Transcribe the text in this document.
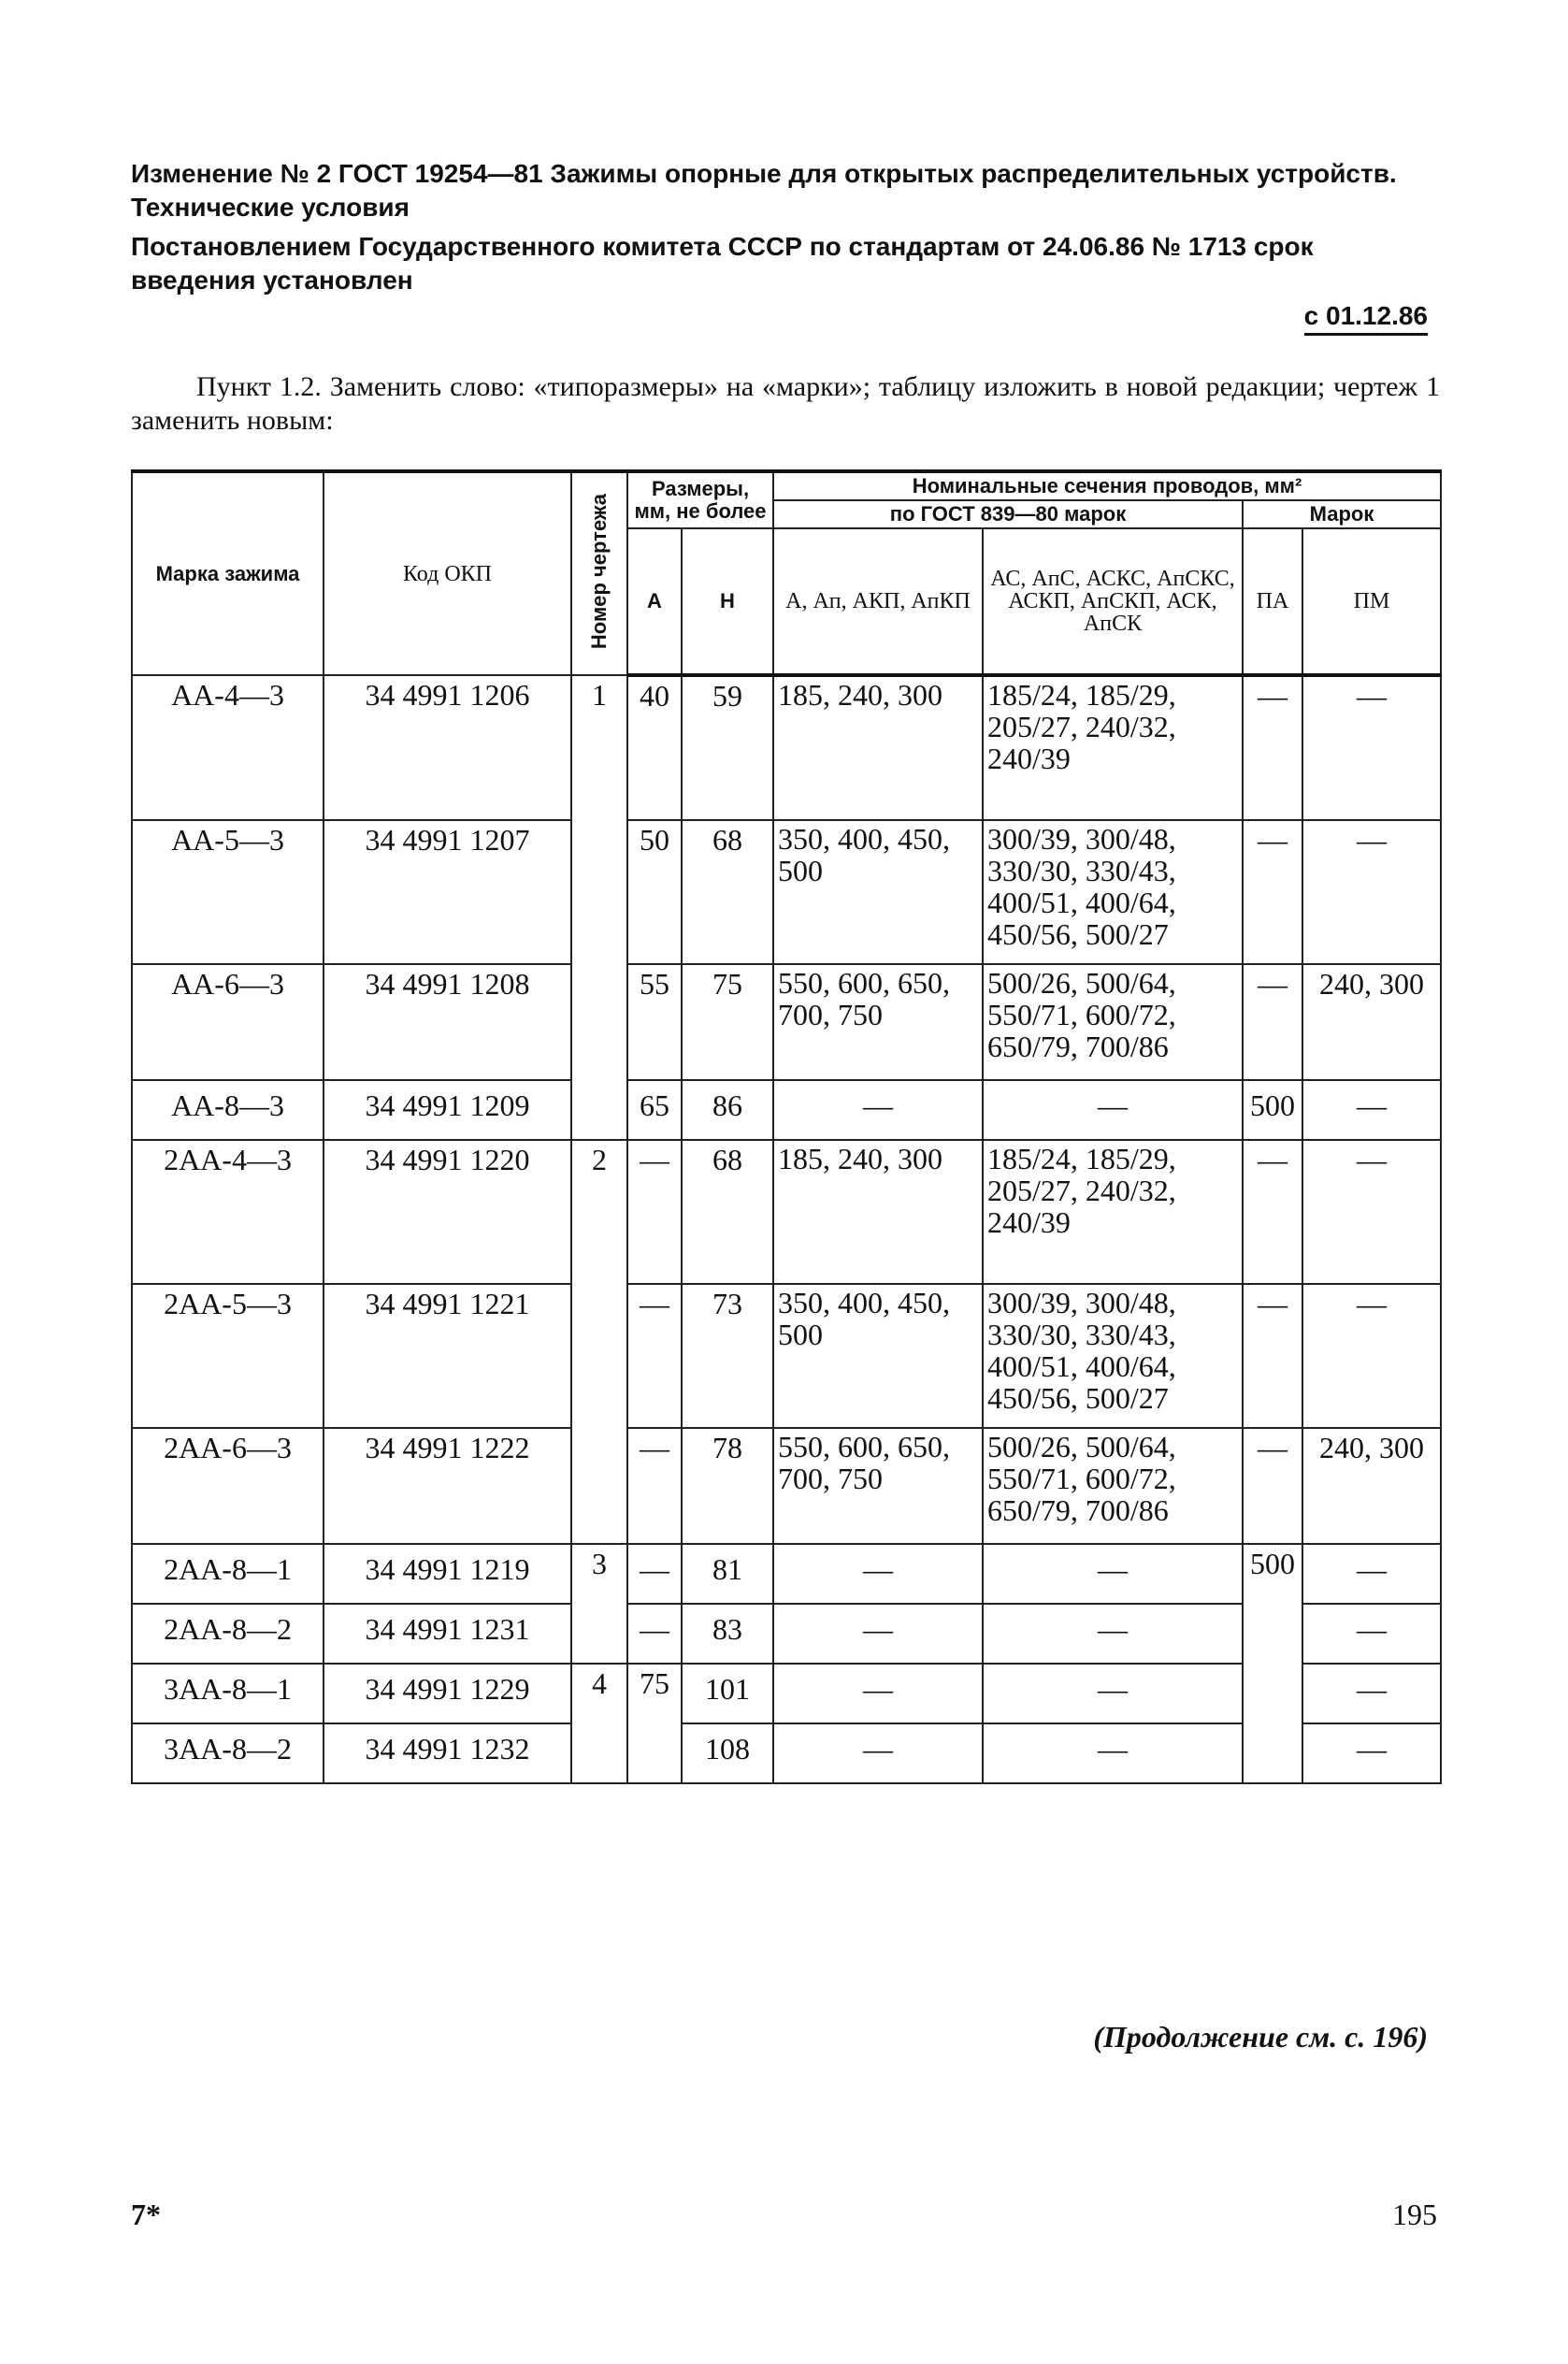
Изменение № 2 ГОСТ 19254—81 Зажимы опорные для открытых распределительных устройств. Технические условия
Постановлением Государственного комитета СССР по стандартам от 24.06.86 № 1713 срок введения установлен
с 01.12.86
Пункт 1.2. Заменить слово: «типоразмеры» на «марки»; таблицу изложить в новой редакции; чертеж 1 заменить новым:
Марка зажима	Код ОКП	Номер чертежа	Размеры, мм, не более		Номинальные сечения проводов, мм²			
					по ГОСТ 839—80 марок		Марок	
			А	Н	А, Ап, АКП, АпКП	АС, АпС, АСКС, АпСКС, АСКП, АпСКП, АСК, АпСК	ПА	ПМ
АА-4—3	34 4991 1206	1	40	59	185, 240, 300	185/24, 185/29, 205/27, 240/32, 240/39	—	—
АА-5—3	34 4991 1207		50	68	350, 400, 450, 500	300/39, 300/48, 330/30, 330/43, 400/51, 400/64, 450/56, 500/27	—	—
АА-6—3	34 4991 1208		55	75	550, 600, 650, 700, 750	500/26, 500/64, 550/71, 600/72, 650/79, 700/86	—	240, 300
АА-8—3	34 4991 1209		65	86	—	—	500	—
2АА-4—3	34 4991 1220	2	—	68	185, 240, 300	185/24, 185/29, 205/27, 240/32, 240/39	—	—
2АА-5—3	34 4991 1221		—	73	350, 400, 450, 500	300/39, 300/48, 330/30, 330/43, 400/51, 400/64, 450/56, 500/27	—	—
2АА-6—3	34 4991 1222		—	78	550, 600, 650, 700, 750	500/26, 500/64, 550/71, 600/72, 650/79, 700/86	—	240, 300
2АА-8—1	34 4991 1219	3	—	81	—	—	500	—
2АА-8—2	34 4991 1231		—	83	—	—		—
3АА-8—1	34 4991 1229	4	75	101	—	—		—
3АА-8—2	34 4991 1232			108	—	—		—
(Продолжение см. с. 196)
7*	195
